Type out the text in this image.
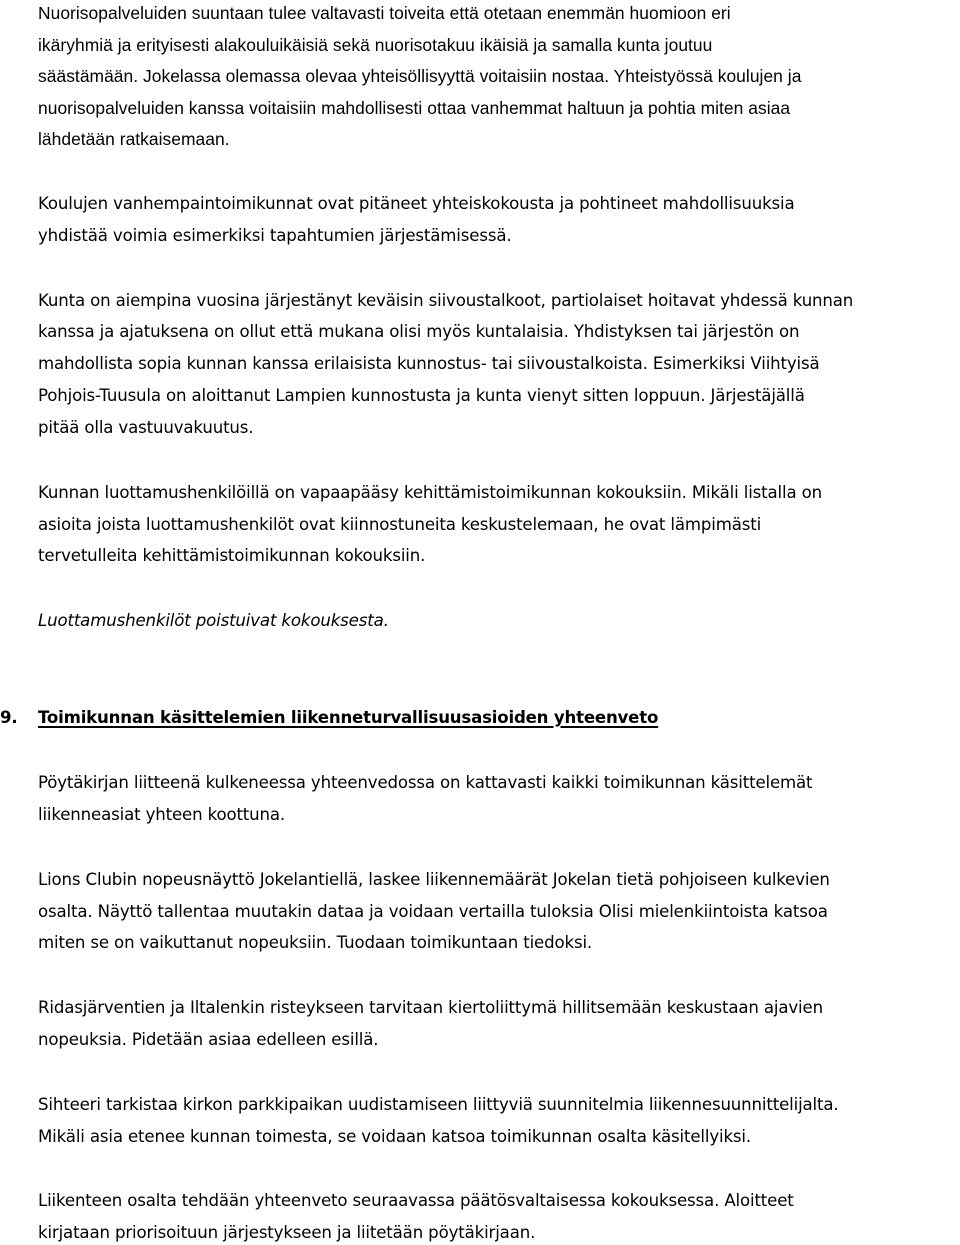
Nuorisopalveluiden suuntaan tulee valtavasti toiveita että otetaan enemmän huomioon eri
ikäryhmiä ja erityisesti alakouluikäisiä sekä nuorisotakuu ikäisiä ja samalla kunta joutuu
säästämään. Jokelassa olemassa olevaa yhteisöllisyyttä voitaisiin nostaa. Yhteistyössä koulujen ja
nuorisopalveluiden kanssa voitaisiin mahdollisesti ottaa vanhemmat haltuun ja pohtia miten asiaa
lähdetään ratkaisemaan.
Koulujen vanhempaintoimikunnat ovat pitäneet yhteiskokousta ja pohtineet mahdollisuuksia
yhdistää voimia esimerkiksi tapahtumien järjestämisessä.
Kunta on aiempina vuosina järjestänyt keväisin siivoustalkoot, partiolaiset hoitavat yhdessä kunnan
kanssa ja ajatuksena on ollut että mukana olisi myös kuntalaisia. Yhdistyksen tai järjestön on
mahdollista sopia kunnan kanssa erilaisista kunnostus- tai siivoustalkoista. Esimerkiksi Viihtyisä
Pohjois-Tuusula on aloittanut Lampien kunnostusta ja kunta vienyt sitten loppuun. Järjestäjällä
pitää olla vastuuvakuutus.
Kunnan luottamushenkilöillä on vapaapääsy kehittämistoimikunnan kokouksiin. Mikäli listalla on
asioita joista luottamushenkilöt ovat kiinnostuneita keskustelemaan, he ovat lämpimästi
tervetulleita kehittämistoimikunnan kokouksiin.
Luottamushenkilöt poistuivat kokouksesta.
9. Toimikunnan käsittelemien liikenneturvallisuusasioiden yhteenveto
Pöytäkirjan liitteenä kulkeneessa yhteenvedossa on kattavasti kaikki toimikunnan käsittelemät
liikenneasiat yhteen koottuna.
Lions Clubin nopeusnäyttö Jokelantiellä, laskee liikennemäärät Jokelan tietä pohjoiseen kulkevien
osalta. Näyttö tallentaa muutakin dataa ja voidaan vertailla tuloksia Olisi mielenkiintoista katsoa
miten se on vaikuttanut nopeuksiin. Tuodaan toimikuntaan tiedoksi.
Ridasjärventien ja Iltalenkin risteykseen tarvitaan kiertoliittymä hillitsemään keskustaan ajavien
nopeuksia. Pidetään asiaa edelleen esillä.
Sihteeri tarkistaa kirkon parkkipaikan uudistamiseen liittyviä suunnitelmia liikennesuunnittelijalta.
Mikäli asia etenee kunnan toimesta, se voidaan katsoa toimikunnan osalta käsitellyiksi.
Liikenteen osalta tehdään yhteenveto seuraavassa päätösvaltaisessa kokouksessa. Aloitteet
kirjataan priorisoituun järjestykseen ja liitetään pöytäkirjaan.
